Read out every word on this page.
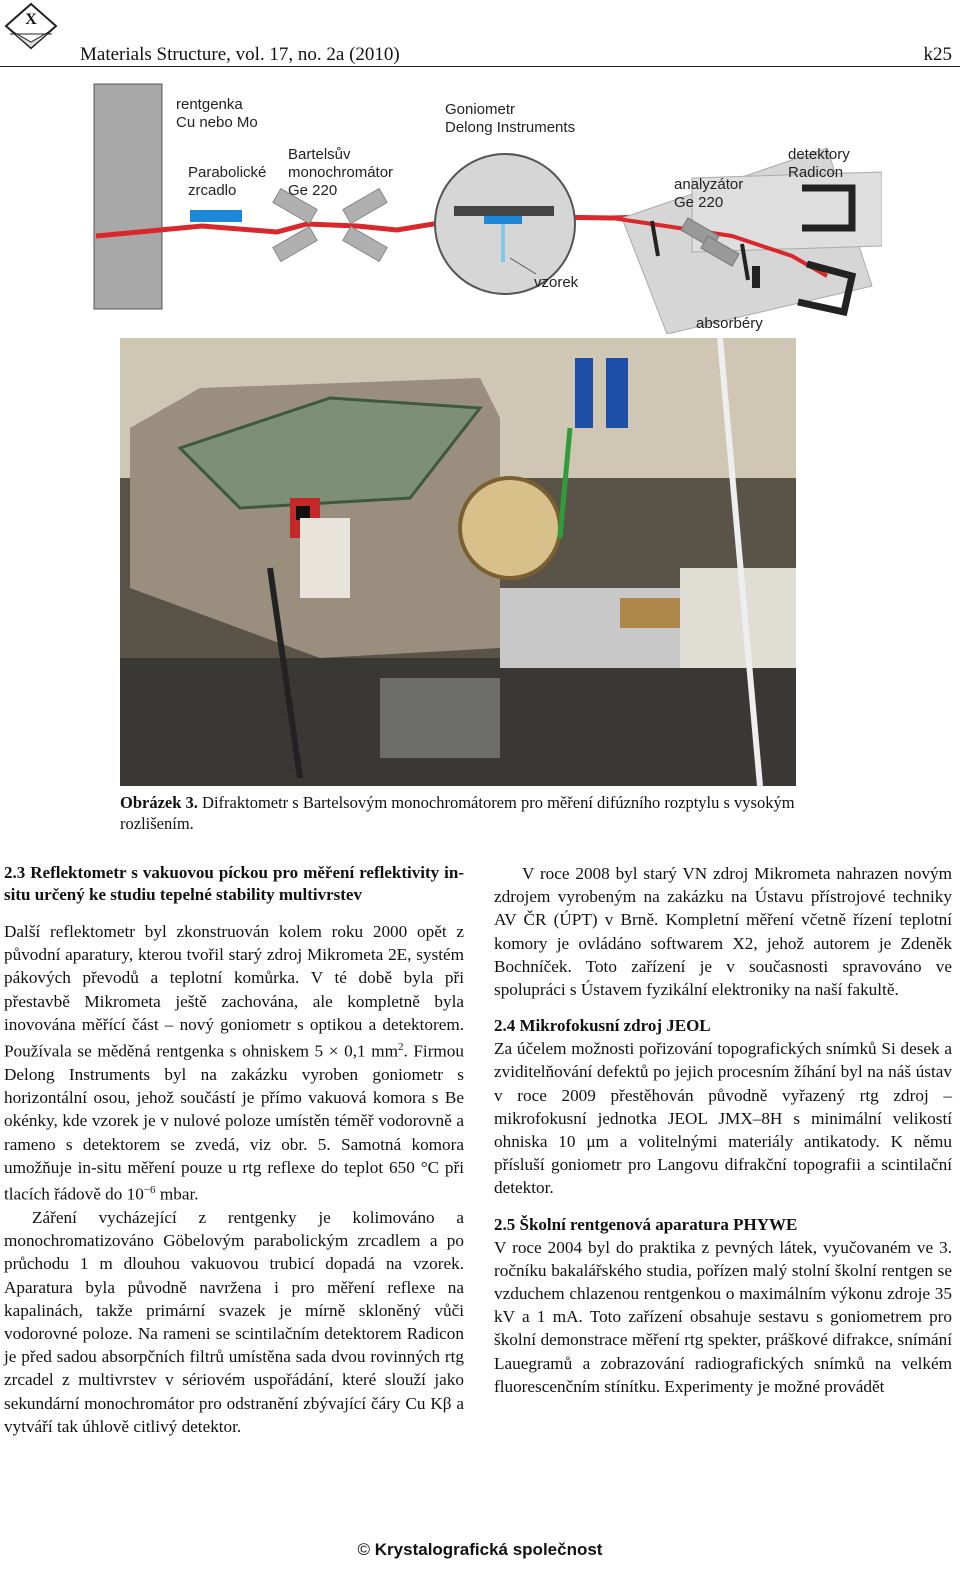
X
Materials Structure, vol. 17, no. 2a (2010)	k25
rentgenka
Cu nebo Mo
Parabolické
zrcadlo
Bartelsův
monochromátor
Ge 220
Goniometr
Delong Instruments
vzorek
analyzátor
Ge 220
detektory
Radicon
absorbéry
Obrázek 3. Difraktometr s Bartelsovým monochromátorem pro měření difúzního rozptylu s vysokým rozlišením.

2.3 Reflektometr s vakuovou píckou pro měření reflektivity in-situ určený ke studiu tepelné stability multivrstev

Další reflektometr byl zkonstruován kolem roku 2000 opět z původní aparatury, kterou tvořil starý zdroj Mikrometa 2E, systém pákových převodů a teplotní komůrka. V té době byla při přestavbě Mikrometa ještě zachována, ale kompletně byla inovována měřící část – nový goniometr s optikou a detektorem. Používala se měděná rentgenka s ohniskem 5 × 0,1 $mm^2$. Firmou Delong Instruments byl na zakázku vyroben goniometr s horizontální osou, jehož součástí je přímo vakuová komora s Be okénky, kde vzorek je v nulové poloze umístěn téměř vodorovně a rameno s detektorem se zvedá, viz obr. 5. Samotná komora umožňuje in-situ měření pouze u rtg reflexe do teplot 650 °C při tlacích řádově do $10^{-6}$ mbar.

Záření vycházející z rentgenky je kolimováno a monochromatizováno Göbelovým parabolickým zrcadlem a po průchodu 1 m dlouhou vakuovou trubicí dopadá na vzorek. Aparatura byla původně navržena i pro měření reflexe na kapalinách, takže primární svazek je mírně skloněný vůči vodorovné poloze. Na rameni se scintilačním detektorem Radicon je před sadou absorpčních filtrů umístěna sada dvou rovinných rtg zrcadel z multivrstev v sériovém uspořádání, které slouží jako sekundární monochromátor pro odstranění zbývající čáry Cu Kβ a vytváří tak úhlově citlivý detektor.

V roce 2008 byl starý VN zdroj Mikrometa nahrazen novým zdrojem vyrobeným na zakázku na Ústavu přístrojové techniky AV ČR (ÚPT) v Brně. Kompletní měření včetně řízení teplotní komory je ovládáno softwarem X2, jehož autorem je Zdeněk Bochníček. Toto zařízení je v současnosti spravováno ve spolupráci s Ústavem fyzikální elektroniky na naší fakultě.

2.4 Mikrofokusní zdroj JEOL

Za účelem možnosti pořizování topografických snímků Si desek a zviditelňování defektů po jejich procesním žíhání byl na náš ústav v roce 2009 přestěhován původně vyřazený rtg zdroj – mikrofokusní jednotka JEOL JMX–8H s minimální velikostí ohniska 10 μm a volitelnými materiály antikatody. K němu přísluší goniometr pro Langovu difrakční topografii a scintilační detektor.

2.5 Školní rentgenová aparatura PHYWE

V roce 2004 byl do praktika z pevných látek, vyučovaném ve 3. ročníku bakalářského studia, pořízen malý stolní školní rentgen se vzduchem chlazenou rentgenkou o maximálním výkonu zdroje 35 kV a 1 mA. Toto zařízení obsahuje sestavu s goniometrem pro školní demonstrace měření rtg spekter, práškové difrakce, snímání Lauegramů a zobrazování radiografických snímků na velkém fluorescenčním stínítku. Experimenty je možné provádět

© Krystalografická společnost
